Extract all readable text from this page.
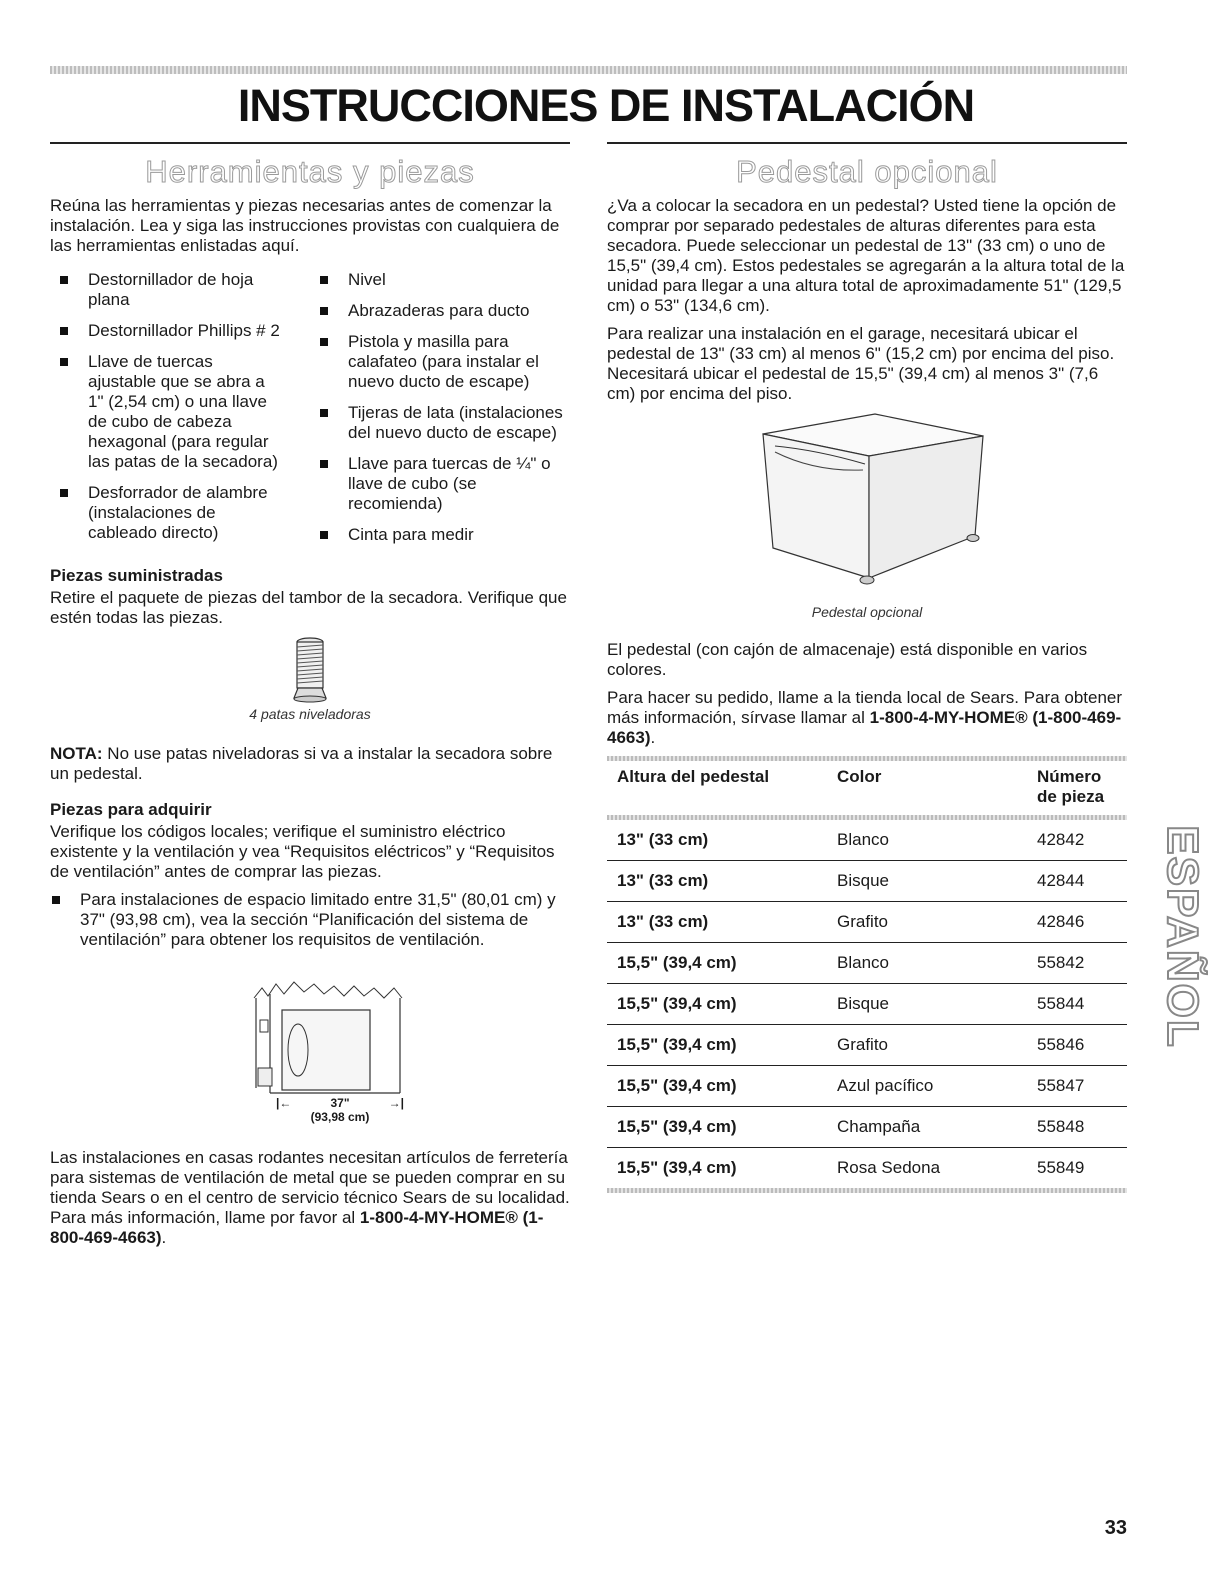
INSTRUCCIONES DE INSTALACIÓN
Herramientas y piezas

Reúna las herramientas y piezas necesarias antes de comenzar la instalación. Lea y siga las instrucciones provistas con cualquiera de las herramientas enlistadas aquí.

Destornillador de hoja plana
Destornillador Phillips # 2
Llave de tuercas ajustable que se abra a 1" (2,54 cm) o una llave de cubo de cabeza hexagonal (para regular las patas de la secadora)
Desforrador de alambre (instalaciones de cableado directo)
Nivel
Abrazaderas para ducto
Pistola y masilla para calafateo (para instalar el nuevo ducto de escape)
Tijeras de lata (instalaciones del nuevo ducto de escape)
Llave para tuercas de ¼" o llave de cubo (se recomienda)
Cinta para medir
Piezas suministradas

Retire el paquete de piezas del tambor de la secadora. Verifique que estén todas las piezas.

4 patas niveladoras

NOTA: No use patas niveladoras si va a instalar la secadora sobre un pedestal.

Piezas para adquirir

Verifique los códigos locales; verifique el suministro eléctrico existente y la ventilación y vea “Requisitos eléctricos” y “Requisitos de ventilación” antes de comprar las piezas.

Para instalaciones de espacio limitado entre 31,5" (80,01 cm) y 37" (93,98 cm), vea la sección “Planificación del sistema de ventilación” para obtener los requisitos de ventilación.
|←	37"	→|
(93,98 cm)

Las instalaciones en casas rodantes necesitan artículos de ferretería para sistemas de ventilación de metal que se pueden comprar en su tienda Sears o en el centro de servicio técnico Sears de su localidad. Para más información, llame por favor al 1-800-4-MY-HOME® (1-800-469-4663).

Pedestal opcional

¿Va a colocar la secadora en un pedestal? Usted tiene la opción de comprar por separado pedestales de alturas diferentes para esta secadora. Puede seleccionar un pedestal de 13" (33 cm) o uno de 15,5" (39,4 cm). Estos pedestales se agregarán a la altura total de la unidad para llegar a una altura total de aproximadamente 51" (129,5 cm) o 53" (134,6 cm).

Para realizar una instalación en el garage, necesitará ubicar el pedestal de 13" (33 cm) al menos 6" (15,2 cm) por encima del piso. Necesitará ubicar el pedestal de 15,5" (39,4 cm) al menos 3" (7,6 cm) por encima del piso.

Pedestal opcional

El pedestal (con cajón de almacenaje) está disponible en varios colores.

Para hacer su pedido, llame a la tienda local de Sears. Para obtener más información, sírvase llamar al 1-800-4-MY-HOME® (1-800-469-4663).

Altura del pedestal	Color	Número de pieza

13" (33 cm)	Blanco	42842
13" (33 cm)	Bisque	42844
13" (33 cm)	Grafito	42846
15,5" (39,4 cm)	Blanco	55842
15,5" (39,4 cm)	Bisque	55844
15,5" (39,4 cm)	Grafito	55846
15,5" (39,4 cm)	Azul pacífico	55847
15,5" (39,4 cm)	Champaña	55848
15,5" (39,4 cm)	Rosa Sedona	55849
ESPAÑOL

33
